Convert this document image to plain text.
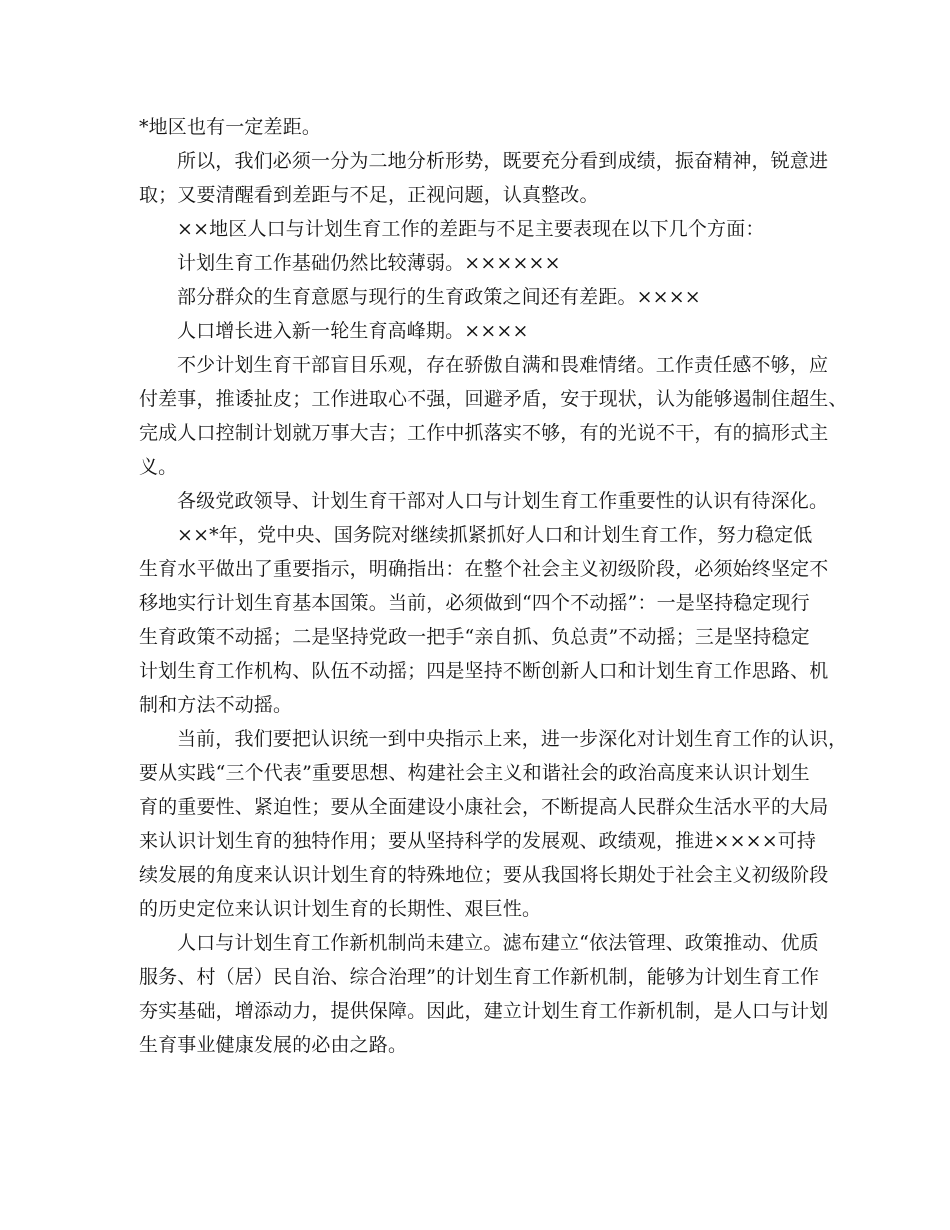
*地区也有一定差距。
所以，我们必须一分为二地分析形势，既要充分看到成绩，振奋精神，锐意进
取；又要清醒看到差距与不足，正视问题，认真整改。
××地区人口与计划生育工作的差距与不足主要表现在以下几个方面：
计划生育工作基础仍然比较薄弱。××××××
部分群众的生育意愿与现行的生育政策之间还有差距。××××
人口增长进入新一轮生育高峰期。××××
不少计划生育干部盲目乐观，存在骄傲自满和畏难情绪。工作责任感不够，应
付差事，推诿扯皮；工作进取心不强，回避矛盾，安于现状，认为能够遏制住超生、
完成人口控制计划就万事大吉；工作中抓落实不够，有的光说不干，有的搞形式主
义。
各级党政领导、计划生育干部对人口与计划生育工作重要性的认识有待深化。
××*年，党中央、国务院对继续抓紧抓好人口和计划生育工作，努力稳定低
生育水平做出了重要指示，明确指出：在整个社会主义初级阶段，必须始终坚定不
移地实行计划生育基本国策。当前，必须做到“四个不动摇”：一是坚持稳定现行
生育政策不动摇；二是坚持党政一把手“亲自抓、负总责”不动摇；三是坚持稳定
计划生育工作机构、队伍不动摇；四是坚持不断创新人口和计划生育工作思路、机
制和方法不动摇。
当前，我们要把认识统一到中央指示上来，进一步深化对计划生育工作的认识，
要从实践“三个代表”重要思想、构建社会主义和谐社会的政治高度来认识计划生
育的重要性、紧迫性；要从全面建设小康社会，不断提高人民群众生活水平的大局
来认识计划生育的独特作用；要从坚持科学的发展观、政绩观，推进××××可持
续发展的角度来认识计划生育的特殊地位；要从我国将长期处于社会主义初级阶段
的历史定位来认识计划生育的长期性、艰巨性。
人口与计划生育工作新机制尚未建立。滤布建立“依法管理、政策推动、优质
服务、村（居）民自治、综合治理”的计划生育工作新机制，能够为计划生育工作
夯实基础，增添动力，提供保障。因此，建立计划生育工作新机制，是人口与计划
生育事业健康发展的必由之路。
